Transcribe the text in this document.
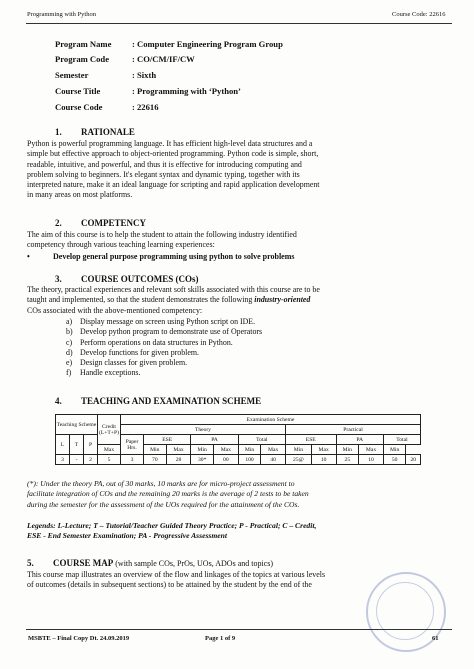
Programming with Python	Course Code: 22616
Program Name : Computer Engineering Program Group
Program Code	: CO/CM/IF/CW
Semester	: Sixth
Course Title	: Programming with ‘Python’
Course Code	: 22616
1. RATIONALE
Python is powerful programming language. It has efficient high-level data structures and a
simple but effective approach to object-oriented programming. Python code is simple, short,
readable, intuitive, and powerful, and thus it is effective for introducing computing and
problem solving to beginners. It's elegant syntax and dynamic typing, together with its
interpreted nature, make it an ideal language for scripting and rapid application development
in many areas on most platforms.
2. COMPETENCY
The aim of this course is to help the student to attain the following industry identified
competency through various teaching learning experiences:
•	Develop general purpose programming using python to solve problems
3. COURSE OUTCOMES (COs)
The theory, practical experiences and relevant soft skills associated with this course are to be
taught and implemented, so that the student demonstrates the following industry-oriented
COs associated with the above-mentioned competency:
a) Display message on screen using Python script on IDE.
b) Develop python program to demonstrate use of Operators
c) Perform operations on data structures in Python.
d) Develop functions for given problem.
e) Design classes for given problem.
f) Handle exceptions.
4. TEACHING AND EXAMINATION SCHEME
Teaching Scheme			Credit (L+T+P)	Examination Scheme												
				Theory							Practical					
L	T	P		Paper Hrs.	ESE		PA		Total		ESE		PA		Total	
			Max		Min	Max	Min	Max	Min	Max	Min	Max	Min	Max	Min	
3	-	2	5	3	70	28	30*	00	100	40	25@	10	25	10	50	20
(*): Under the theory PA, out of 30 marks, 10 marks are for micro-project assessment to
facilitate integration of COs and the remaining 20 marks is the average of 2 tests to be taken
during the semester for the assessment of the UOs required for the attainment of the COs.
Legends: L-Lecture; T – Tutorial/Teacher Guided Theory Practice; P - Practical; C – Credit,
ESE - End Semester Examination; PA - Progressive Assessment
5. COURSE MAP (with sample COs, PrOs, UOs, ADOs and topics)
This course map illustrates an overview of the flow and linkages of the topics at various levels
of outcomes (details in subsequent sections) to be attained by the student by the end of the
MSBTE – Final Copy Dt. 24.09.2019	Page 1 of 9	61
